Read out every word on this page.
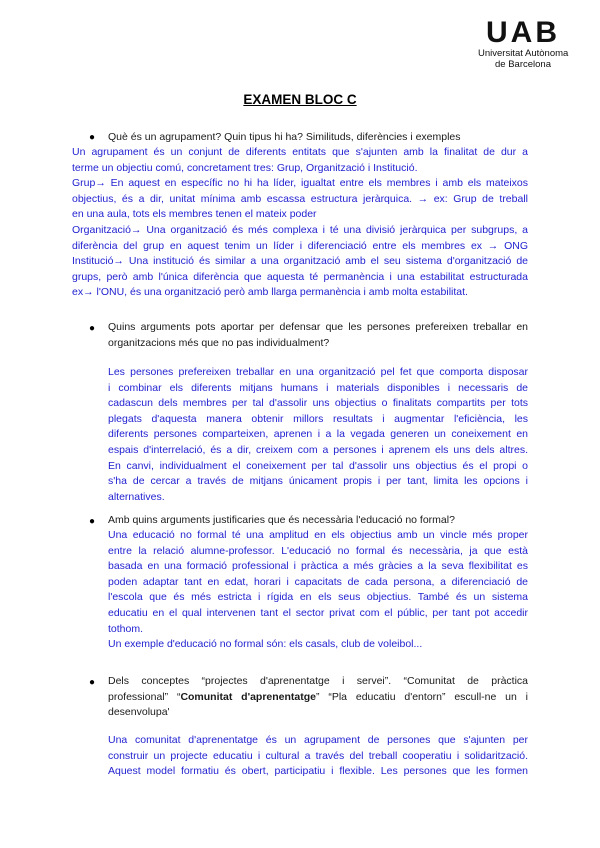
UAB
Universitat Autònoma
de Barcelona
EXAMEN BLOC C
● Què és un agrupament? Quin tipus hi ha? Similituds, diferències i exemples
Un agrupament és un conjunt de diferents entitats que s'ajunten amb la finalitat de dur a
terme un objectiu comú, concretament tres: Grup, Organització i Institució.
Grup→ En aquest en específic no hi ha líder, igualtat entre els membres i amb els mateixos
objectius, és a dir, unitat mínima amb escassa estructura jeràrquica. → ex: Grup de treball
en una aula, tots els membres tenen el mateix poder
Organització→ Una organització és més complexa i té una divisió jeràrquica per subgrups, a
diferència del grup en aquest tenim un líder i diferenciació entre els membres ex → ONG
Institució→ Una institució és similar a una organització amb el seu sistema d'organització de
grups, però amb l'única diferència que aquesta té permanència i una estabilitat estructurada
ex→ l'ONU, és una organització però amb llarga permanència i amb molta estabilitat.
● Quins arguments pots aportar per defensar que les persones prefereixen treballar en
organitzacions més que no pas individualment?
Les persones prefereixen treballar en una organització pel fet que comporta disposar
i combinar els diferents mitjans humans i materials disponibles i necessaris de
cadascun dels membres per tal d'assolir uns objectius o finalitats compartits per tots
plegats d'aquesta manera obtenir millors resultats i augmentar l'eficiència, les
diferents persones comparteixen, aprenen i a la vegada generen un coneixement en
espais d'interrelació, és a dir, creixem com a persones i aprenem els uns dels altres.
En canvi, individualment el coneixement per tal d'assolir uns objectius és el propi o
s'ha de cercar a través de mitjans únicament propis i per tant, limita les opcions i
alternatives.
● Amb quins arguments justificaries que és necessària l'educació no formal?
Una educació no formal té una amplitud en els objectius amb un vincle més proper
entre la relació alumne-professor. L'educació no formal és necessària, ja que està
basada en una formació professional i pràctica a més gràcies a la seva flexibilitat es
poden adaptar tant en edat, horari i capacitats de cada persona, a diferenciació de
l'escola que és més estricta i rígida en els seus objectius. També és un sistema
educatiu en el qual intervenen tant el sector privat com el públic, per tant pot accedir
tothom.
Un exemple d'educació no formal són: els casals, club de voleibol...
● Dels conceptes “projectes d'aprenentatge i servei”. “Comunitat de pràctica
professional” “Comunitat d'aprenentatge” “Pla educatiu d'entorn” escull-ne un i
desenvolupa'
Una comunitat d'aprenentatge és un agrupament de persones que s'ajunten per
construir un projecte educatiu i cultural a través del treball cooperatiu i solidarització.
Aquest model formatiu és obert, participatiu i flexible. Les persones que les formen
